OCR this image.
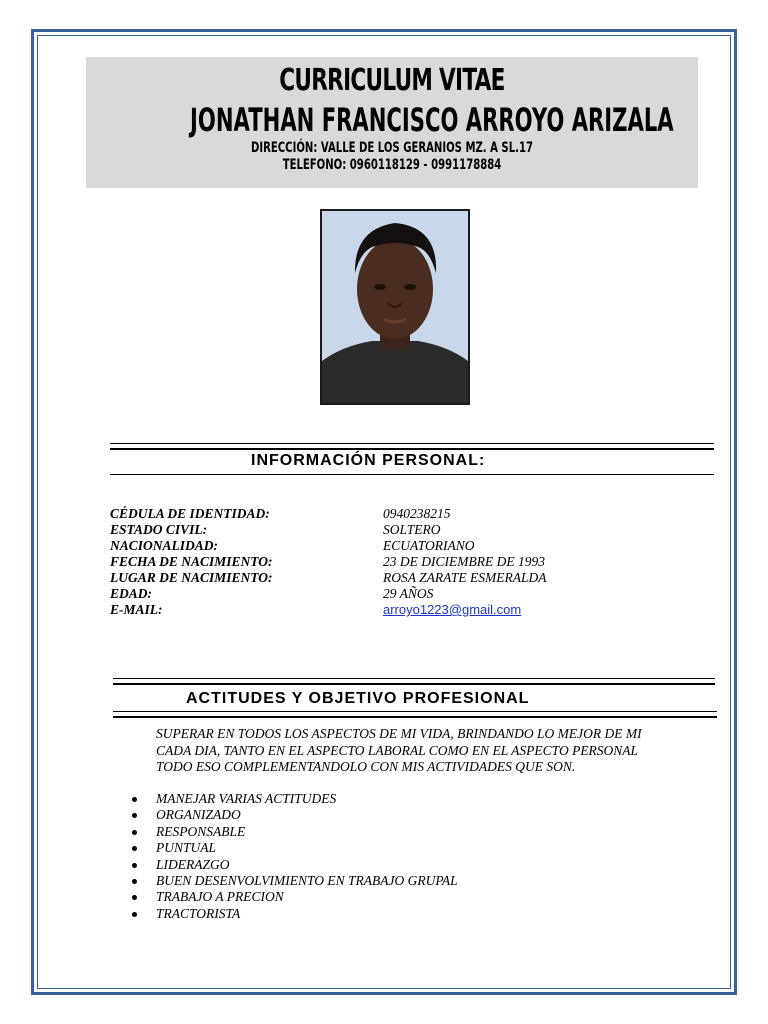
CURRICULUM VITAE
JONATHAN FRANCISCO ARROYO ARIZALA
DIRECCIÓN: VALLE DE LOS GERANIOS MZ. A SL.17
TELEFONO: 0960118129 - 0991178884
INFORMACIÓN PERSONAL:
CÉDULA DE IDENTIDAD:	0940238215
ESTADO CIVIL:	SOLTERO
NACIONALIDAD:	ECUATORIANO
FECHA DE NACIMIENTO:	23 DE DICIEMBRE DE 1993
LUGAR DE NACIMIENTO:	ROSA ZARATE ESMERALDA
EDAD:	29 AÑOS
E-MAIL:	arroyo1223@gmail.com
ACTITUDES Y OBJETIVO PROFESIONAL
SUPERAR EN TODOS LOS ASPECTOS DE MI VIDA, BRINDANDO LO MEJOR DE MI
CADA DIA, TANTO EN EL ASPECTO LABORAL COMO EN EL ASPECTO PERSONAL
TODO ESO COMPLEMENTANDOLO CON MIS ACTIVIDADES QUE SON.
MANEJAR VARIAS ACTITUDES
ORGANIZADO
RESPONSABLE
PUNTUAL
LIDERAZGO
BUEN DESENVOLVIMIENTO EN TRABAJO GRUPAL
TRABAJO A PRECION
TRACTORISTA
